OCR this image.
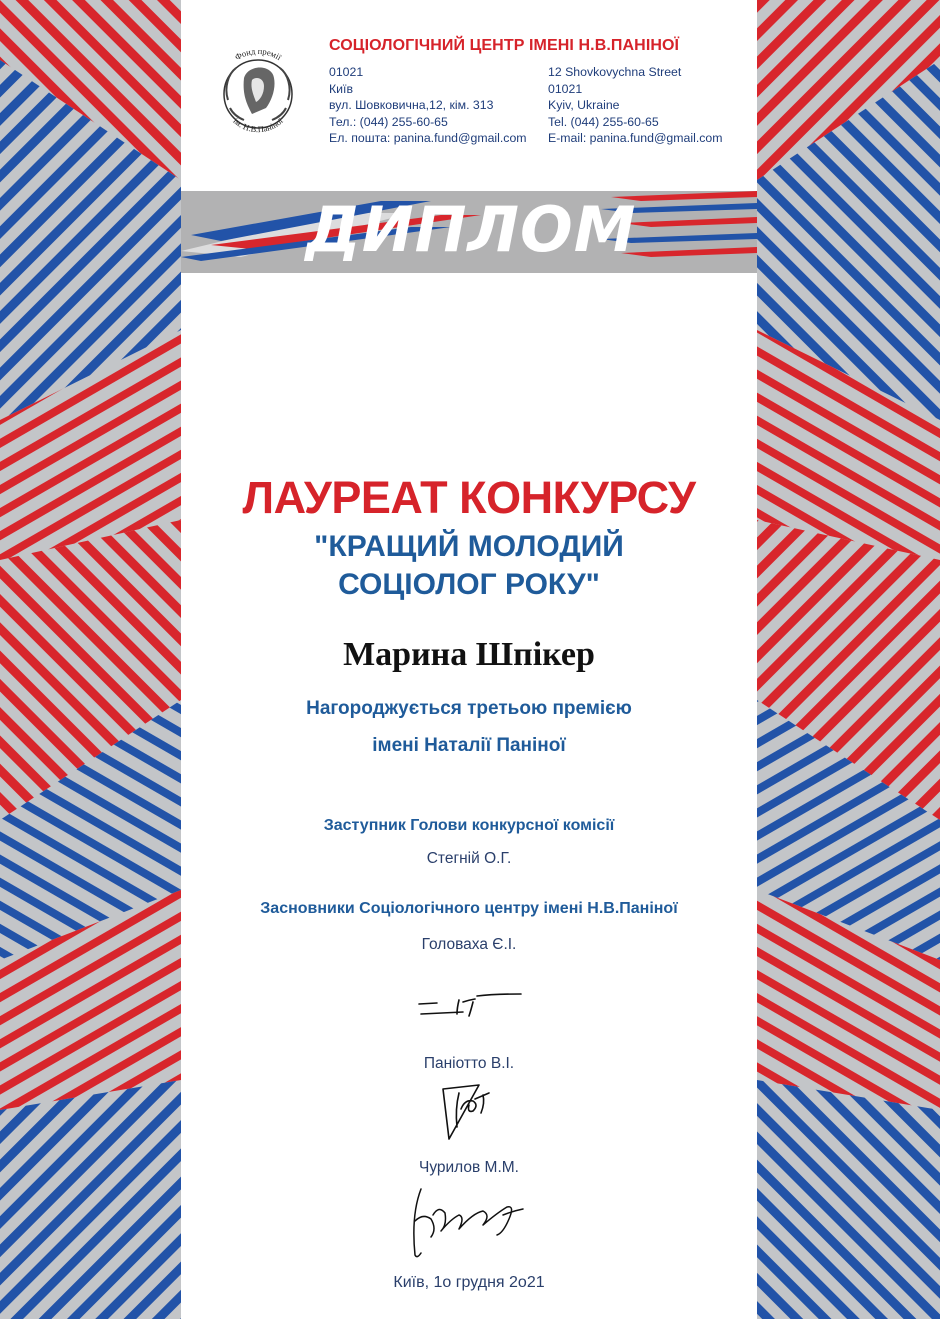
Фонд премії
ім. Н.В.Паніної
СОЦІОЛОГІЧНИЙ ЦЕНТР ІМЕНІ Н.В.ПАНІНОЇ
01021
Київ
вул. Шовковична,12, кім. 313
Тел.: (044) 255-60-65
Ел. пошта: panina.fund@gmail.com
12 Shovkovychna Street
01021
Kyiv, Ukraine
Tel. (044) 255-60-65
E-mail: panina.fund@gmail.com
ДИПЛОМ
ЛАУРЕАТ КОНКУРСУ
"КРАЩИЙ МОЛОДИЙ
СОЦІОЛОГ РОКУ"
Марина Шпікер
Нагороджується третьою премією
імені Наталії Паніної
Заступник Голови конкурсної комісії
Стегній О.Г.
Засновники Соціологічного центру імені Н.В.Паніної
Головаха Є.І.
Паніотто В.І.
Чурилов М.М.
Київ, 1о грудня 2о21
